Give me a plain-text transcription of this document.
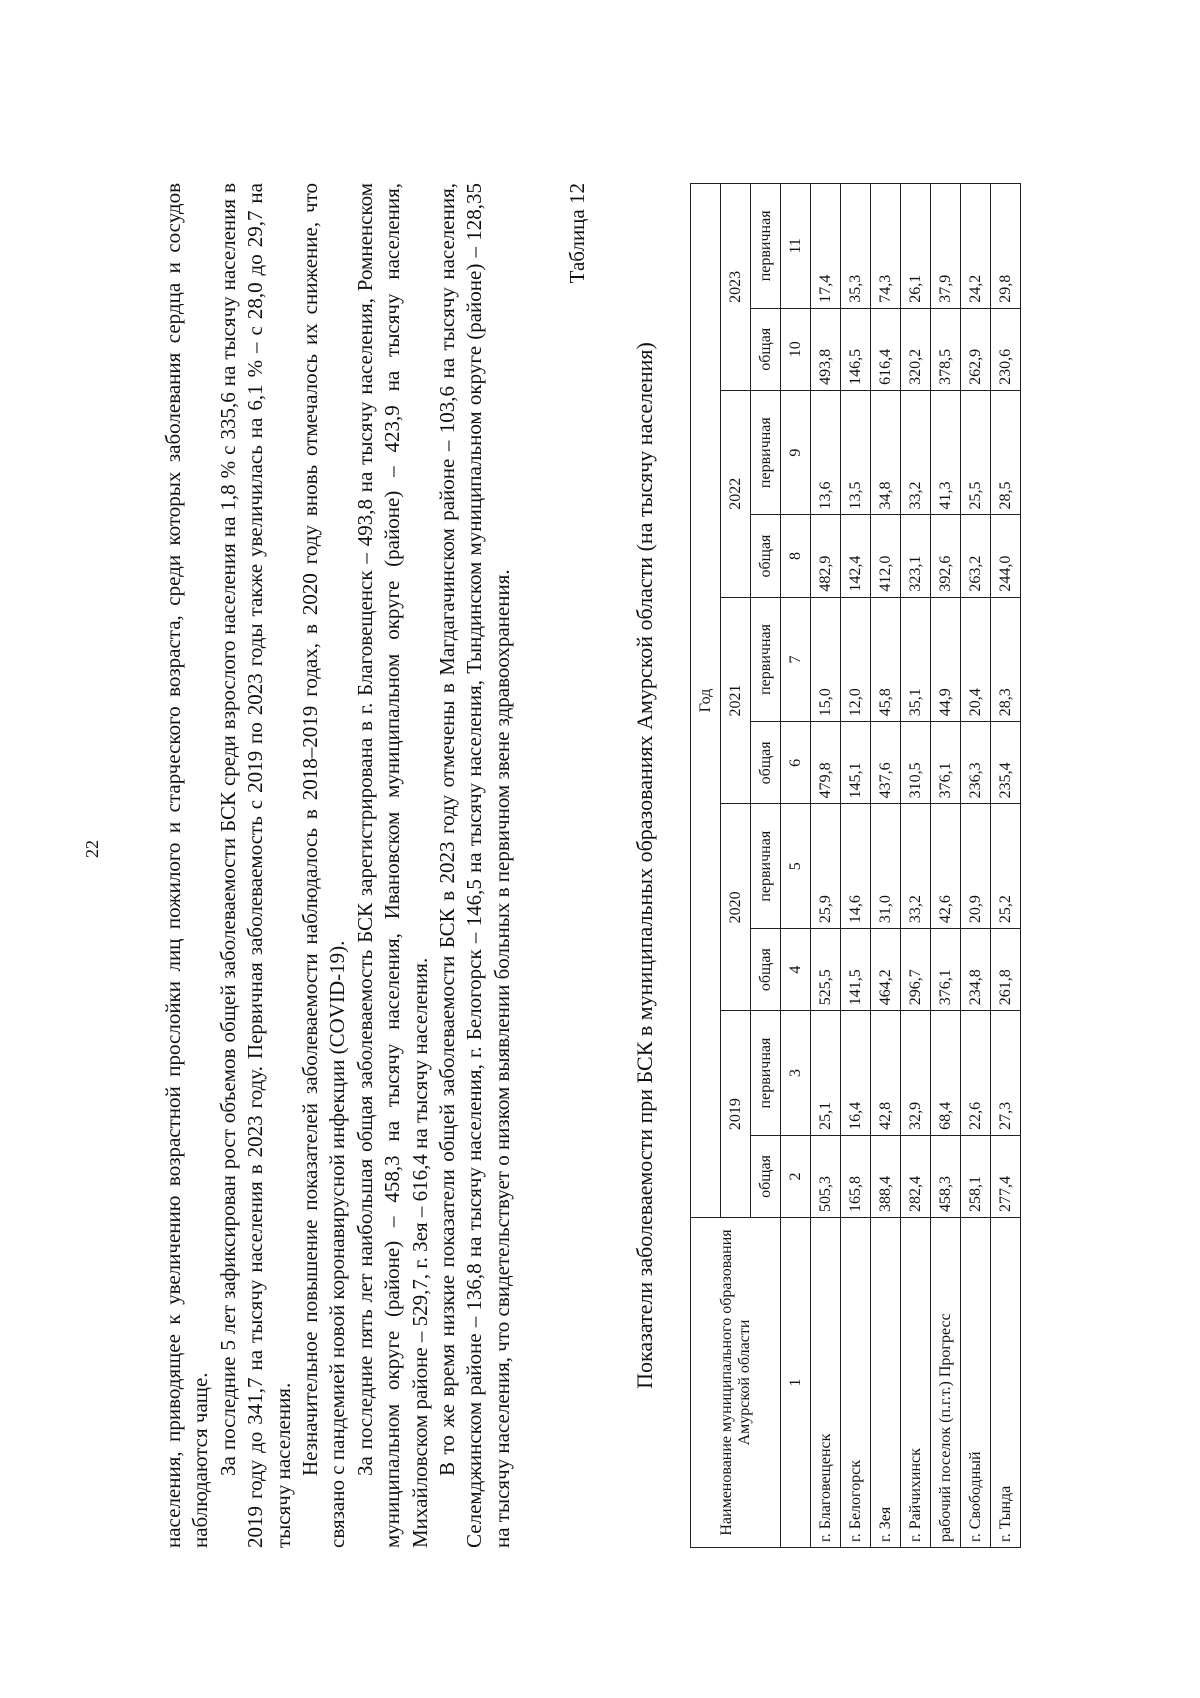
22	населения, приводящее к увеличению возрастной прослойки лиц пожилого и старческого возраста, среди которых заболевания сердца и сосудов наблюдаются чаще. За последние 5 лет зафиксирован рост объемов общей заболеваемости БСК среди взрослого населения на 1,8 % с 335,6 на тысячу населения в 2019 году до 341,7 на тысячу населения в 2023 году. Первичная заболеваемость с 2019 по 2023 годы также увеличилась на 6,1 % – с 28,0 до 29,7 на тысячу населения. Незначительное повышение показателей заболеваемости наблюдалось в 2018–2019 годах, в 2020 году вновь отмечалось их снижение, что связано с пандемией новой коронавирусной инфекции (COVID-19). За последние пять лет наибольшая общая заболеваемость БСК зарегистрирована в г. Благовещенск – 493,8 на тысячу населения, Ромненском муниципальном округе (районе) – 458,3 на тысячу населения, Ивановском муниципальном округе (районе) – 423,9 на тысячу населения, Михайловском районе – 529,7, г. Зея – 616,4 на тысячу населения. В то же время низкие показатели общей заболеваемости БСК в 2023 году отмечены в Магдагачинском районе – 103,6 на тысячу населения, Селемджинском районе – 136,8 на тысячу населения, г. Белогорск – 146,5 на тысячу населения, Тындинском муниципальном округе (районе) – 128,35 на тысячу населения, что свидетельствует о низком выявлении больных в первичном звене здравоохранения.

Таблица 12
Показатели заболеваемости при БСК в муниципальных образованиях Амурской области (на тысячу населения)	Наименование муниципального образования Амурской области	Год									
	2019		2020		2021		2022		2023	
	общая	первичная	общая	первичная	общая	первичная	общая	первичная	общая	первичная
1	2	3	4	5	6	7	8	9	10	11
г. Благовещенск	505,3	25,1	525,5	25,9	479,8	15,0	482,9	13,6	493,8	17,4
г. Белогорск	165,8	16,4	141,5	14,6	145,1	12,0	142,4	13,5	146,5	35,3
г. Зея	388,4	42,8	464,2	31,0	437,6	45,8	412,0	34,8	616,4	74,3
г. Райчихинск	282,4	32,9	296,7	33,2	310,5	35,1	323,1	33,2	320,2	26,1
рабочий поселок (п.г.т.) Прогресс	458,3	68,4	376,1	42,6	376,1	44,9	392,6	41,3	378,5	37,9
г. Свободный	258,1	22,6	234,8	20,9	236,3	20,4	263,2	25,5	262,9	24,2
г. Тында	277,4	27,3	261,8	25,2	235,4	28,3	244,0	28,5	230,6	29,8
